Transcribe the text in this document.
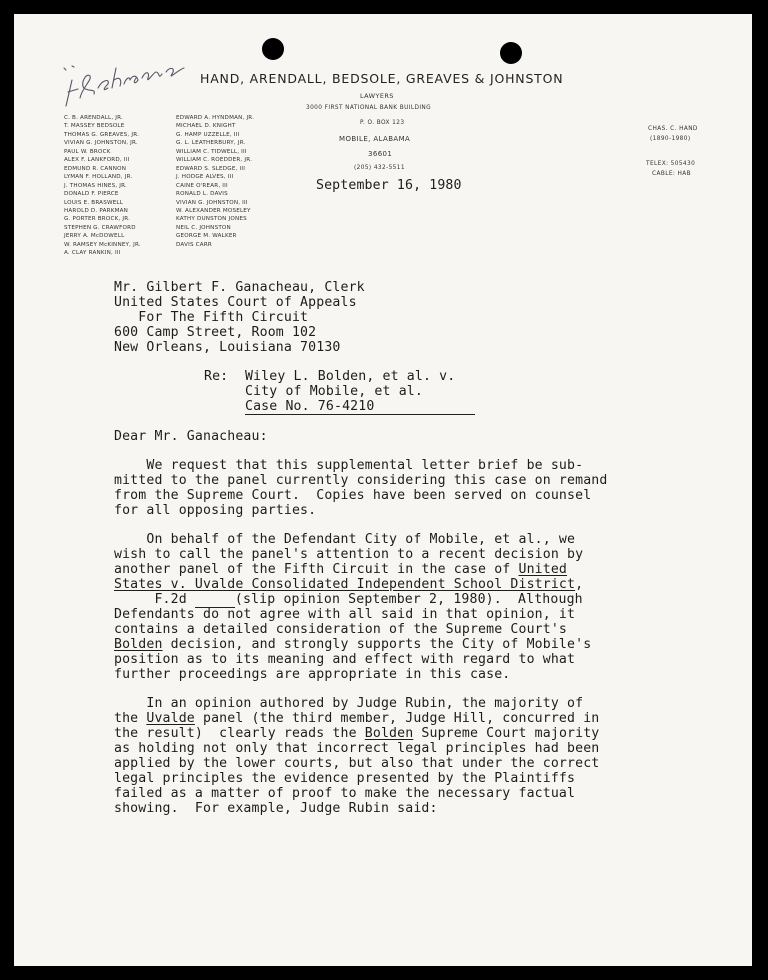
HAND, ARENDALL, BEDSOLE, GREAVES & JOHNSTON
LAWYERS
3000 FIRST NATIONAL BANK BUILDING
P. O. BOX 123
MOBILE, ALABAMA
36601
(205) 432-5511
C. B. ARENDALL, JR.
T. MASSEY BEDSOLE
THOMAS G. GREAVES, JR.
VIVIAN G. JOHNSTON, JR.
PAUL W. BROCK
ALEX F. LANKFORD, III
EDMUND R. CANNON
LYMAN F. HOLLAND, JR.
J. THOMAS HINES, JR.
DONALD F. PIERCE
LOUIS E. BRASWELL
HAROLD D. PARKMAN
G. PORTER BROCK, JR.
STEPHEN G. CRAWFORD
JERRY A. McDOWELL
W. RAMSEY McKINNEY, JR.
A. CLAY RANKIN, III
EDWARD A. HYNDMAN, JR.
MICHAEL D. KNIGHT
G. HAMP UZZELLE, III
G. L. LEATHERBURY, JR.
WILLIAM C. TIDWELL, III
WILLIAM C. ROEDDER, JR.
EDWARD S. SLEDGE, III
J. HODGE ALVES, III
CAINE O'REAR, III
RONALD L. DAVIS
VIVIAN G. JOHNSTON, III
W. ALEXANDER MOSELEY
KATHY DUNSTON JONES
NEIL C. JOHNSTON
GEORGE M. WALKER
DAVIS CARR
CHAS. C. HAND
(1890-1980)
TELEX: 505430
CABLE: HAB
September 16, 1980
Mr. Gilbert F. Ganacheau, Clerk
United States Court of Appeals
For The Fifth Circuit
600 Camp Street, Room 102
New Orleans, Louisiana 70130
Re: Wiley L. Bolden, et al. v.
City of Mobile, et al.
Case No. 76-4210
Dear Mr. Ganacheau:
We request that this supplemental letter brief be sub-
mitted to the panel currently considering this case on remand
from the Supreme Court.  Copies have been served on counsel
for all opposing parties.
On behalf of the Defendant City of Mobile, et al., we
wish to call the panel's attention to a recent decision by
another panel of the Fifth Circuit in the case of United
States v. Uvalde Consolidated Independent School District,
F.2d	(slip opinion September 2, 1980).  Although
Defendants do not agree with all said in that opinion, it
contains a detailed consideration of the Supreme Court's
Bolden decision, and strongly supports the City of Mobile's
position as to its meaning and effect with regard to what
further proceedings are appropriate in this case.
In an opinion authored by Judge Rubin, the majority of
the Uvalde panel (the third member, Judge Hill, concurred in
the result)  clearly reads the Bolden Supreme Court majority
as holding not only that incorrect legal principles had been
applied by the lower courts, but also that under the correct
legal principles the evidence presented by the Plaintiffs
failed as a matter of proof to make the necessary factual
showing.  For example, Judge Rubin said:
